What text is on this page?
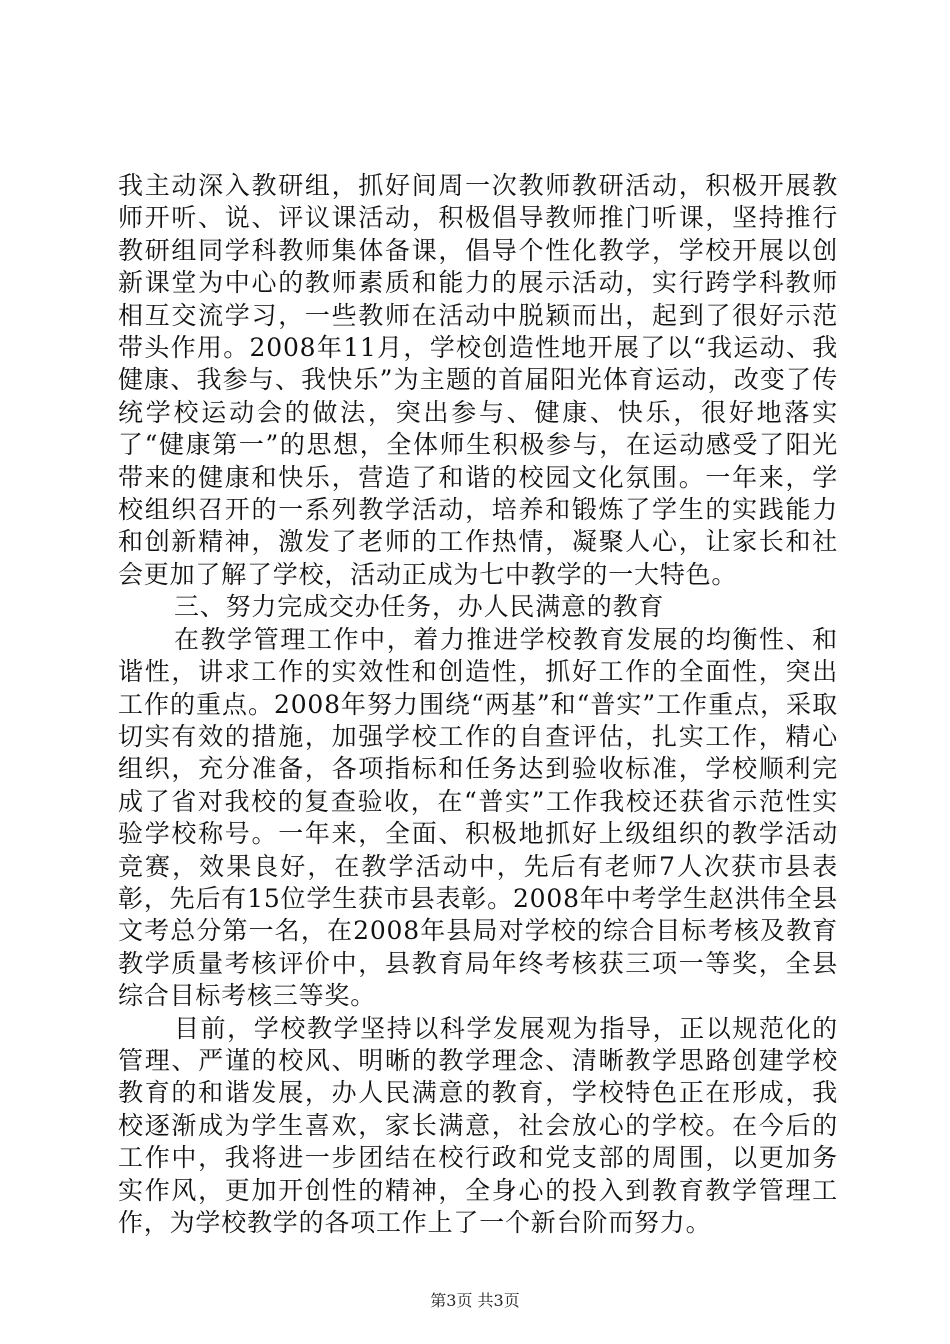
我主动深入教研组，抓好间周一次教师教研活动，积极开展教师开听、说、评议课活动，积极倡导教师推门听课，坚持推行教研组同学科教师集体备课，倡导个性化教学，学校开展以创新课堂为中心的教师素质和能力的展示活动，实行跨学科教师相互交流学习，一些教师在活动中脱颖而出，起到了很好示范带头作用。2008年11月，学校创造性地开展了以“我运动、我健康、我参与、我快乐”为主题的首届阳光体育运动，改变了传统学校运动会的做法，突出参与、健康、快乐，很好地落实了“健康第一”的思想，全体师生积极参与，在运动感受了阳光带来的健康和快乐，营造了和谐的校园文化氛围。一年来，学校组织召开的一系列教学活动，培养和锻炼了学生的实践能力和创新精神，激发了老师的工作热情，凝聚人心，让家长和社会更加了解了学校，活动正成为七中教学的一大特色。

三、努力完成交办任务，办人民满意的教育

在教学管理工作中，着力推进学校教育发展的均衡性、和谐性，讲求工作的实效性和创造性，抓好工作的全面性，突出工作的重点。2008年努力围绕“两基”和“普实”工作重点，采取切实有效的措施，加强学校工作的自查评估，扎实工作，精心组织，充分准备，各项指标和任务达到验收标准，学校顺利完成了省对我校的复查验收，在“普实”工作我校还获省示范性实验学校称号。一年来，全面、积极地抓好上级组织的教学活动竞赛，效果良好，在教学活动中，先后有老师7人次获市县表彰，先后有15位学生获市县表彰。2008年中考学生赵洪伟全县文考总分第一名，在2008年县局对学校的综合目标考核及教育教学质量考核评价中，县教育局年终考核获三项一等奖，全县综合目标考核三等奖。

目前，学校教学坚持以科学发展观为指导，正以规范化的管理、严谨的校风、明晰的教学理念、清晰教学思路创建学校教育的和谐发展，办人民满意的教育，学校特色正在形成，我校逐渐成为学生喜欢，家长满意，社会放心的学校。在今后的工作中，我将进一步团结在校行政和党支部的周围，以更加务实作风，更加开创性的精神，全身心的投入到教育教学管理工作，为学校教学的各项工作上了一个新台阶而努力。

第3页 共3页
